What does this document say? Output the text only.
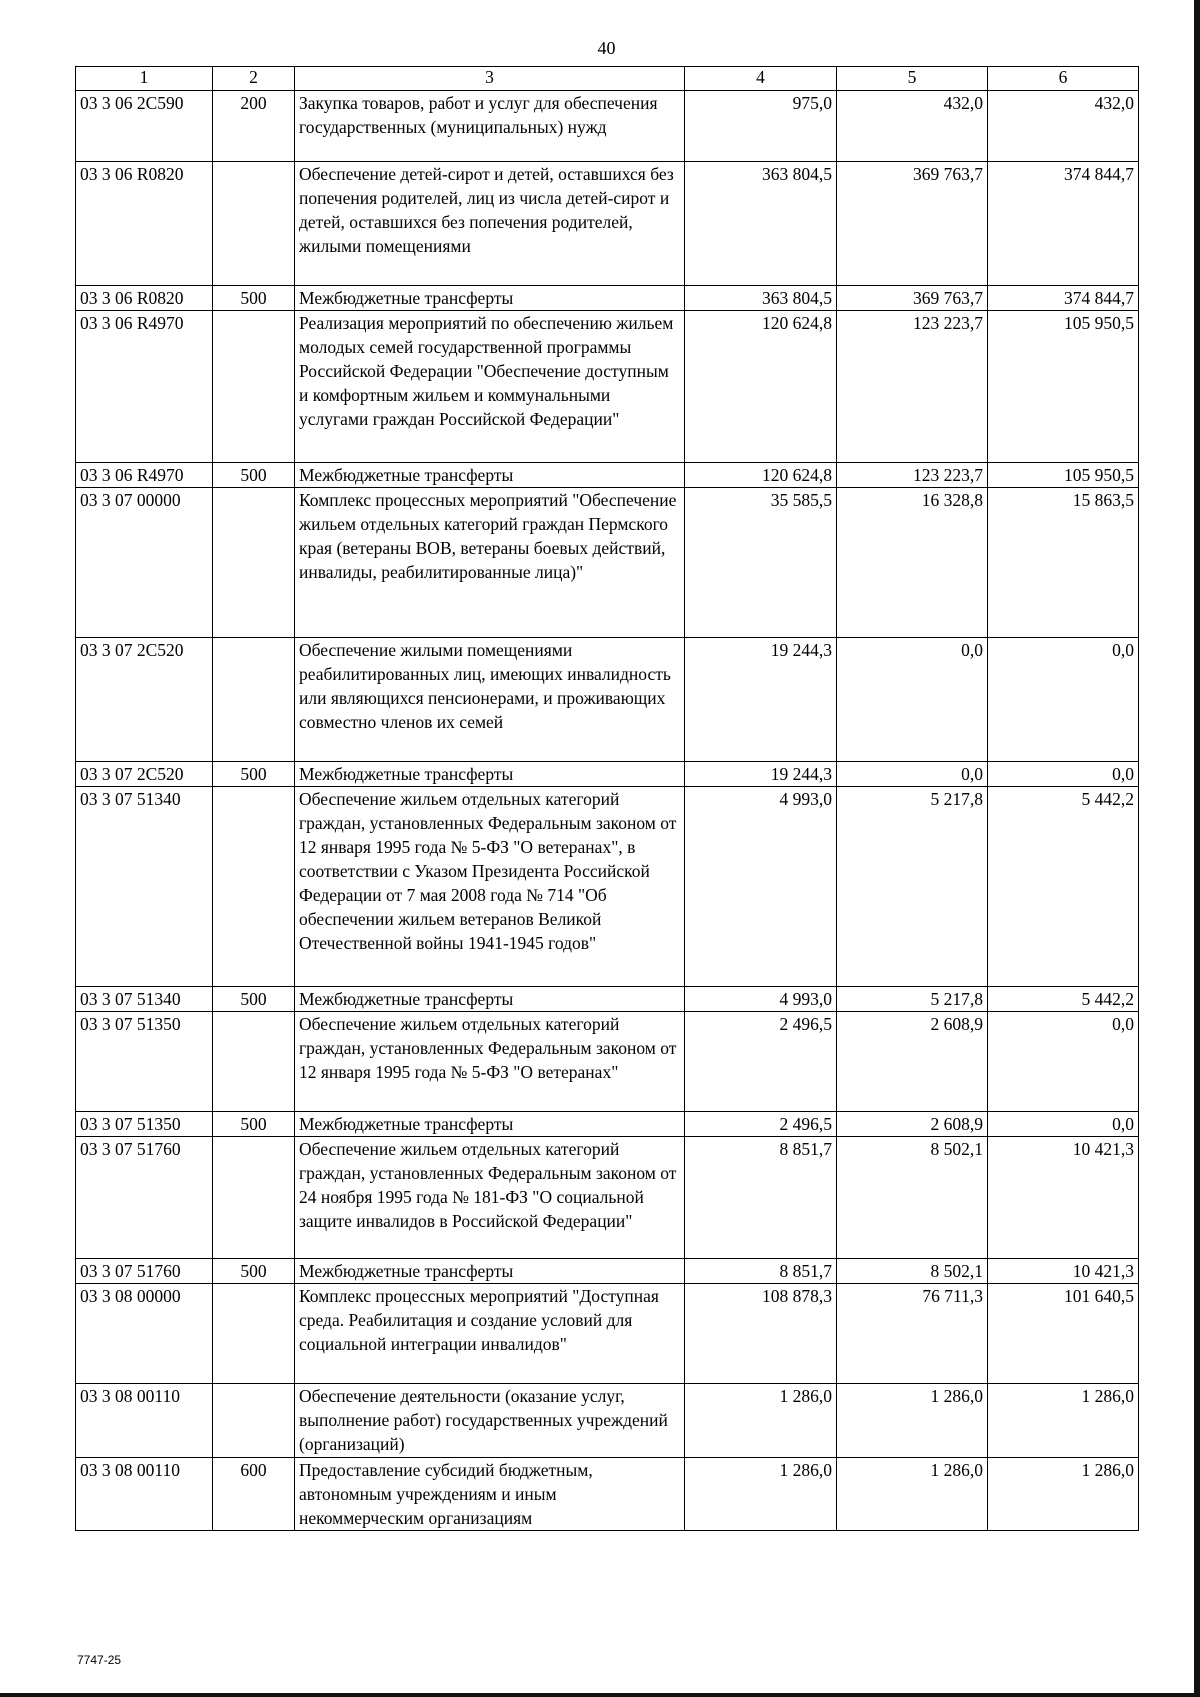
40
1	2	3	4	5	6
03 3 06 2С590	200	Закупка товаров, работ и услуг для обеспечения государственных (муниципальных) нужд	975,0	432,0	432,0
03 3 06 R0820		Обеспечение детей-сирот и детей, оставшихся без попечения родителей, лиц из числа детей-сирот и детей, оставшихся без попечения родителей, жилыми помещениями	363 804,5	369 763,7	374 844,7
03 3 06 R0820	500	Межбюджетные трансферты	363 804,5	369 763,7	374 844,7
03 3 06 R4970		Реализация мероприятий по обеспечению жильем молодых семей государственной программы Российской Федерации "Обеспечение доступным и комфортным жильем и коммунальными услугами граждан Российской Федерации"	120 624,8	123 223,7	105 950,5
03 3 06 R4970	500	Межбюджетные трансферты	120 624,8	123 223,7	105 950,5
03 3 07 00000		Комплекс процессных мероприятий "Обеспечение жильем отдельных категорий граждан Пермского края (ветераны ВОВ, ветераны боевых действий, инвалиды, реабилитированные лица)"	35 585,5	16 328,8	15 863,5
03 3 07 2С520		Обеспечение жилыми помещениями реабилитированных лиц, имеющих инвалидность или являющихся пенсионерами, и проживающих совместно членов их семей	19 244,3	0,0	0,0
03 3 07 2С520	500	Межбюджетные трансферты	19 244,3	0,0	0,0
03 3 07 51340		Обеспечение жильем отдельных категорий граждан, установленных Федеральным законом от 12 января 1995 года № 5-ФЗ "О ветеранах", в соответствии с Указом Президента Российской Федерации от 7 мая 2008 года № 714 "Об обеспечении жильем ветеранов Великой Отечественной войны 1941-1945 годов"	4 993,0	5 217,8	5 442,2
03 3 07 51340	500	Межбюджетные трансферты	4 993,0	5 217,8	5 442,2
03 3 07 51350		Обеспечение жильем отдельных категорий граждан, установленных Федеральным законом от 12 января 1995 года № 5-ФЗ "О ветеранах"	2 496,5	2 608,9	0,0
03 3 07 51350	500	Межбюджетные трансферты	2 496,5	2 608,9	0,0
03 3 07 51760		Обеспечение жильем отдельных категорий граждан, установленных Федеральным законом от 24 ноября 1995 года № 181-ФЗ "О социальной защите инвалидов в Российской Федерации"	8 851,7	8 502,1	10 421,3
03 3 07 51760	500	Межбюджетные трансферты	8 851,7	8 502,1	10 421,3
03 3 08 00000		Комплекс процессных мероприятий "Доступная среда. Реабилитация и создание условий для социальной интеграции инвалидов"	108 878,3	76 711,3	101 640,5
03 3 08 00110		Обеспечение деятельности (оказание услуг, выполнение работ) государственных учреждений (организаций)	1 286,0	1 286,0	1 286,0
03 3 08 00110	600	Предоставление субсидий бюджетным, автономным учреждениям и иным некоммерческим организациям	1 286,0	1 286,0	1 286,0
7747-25
